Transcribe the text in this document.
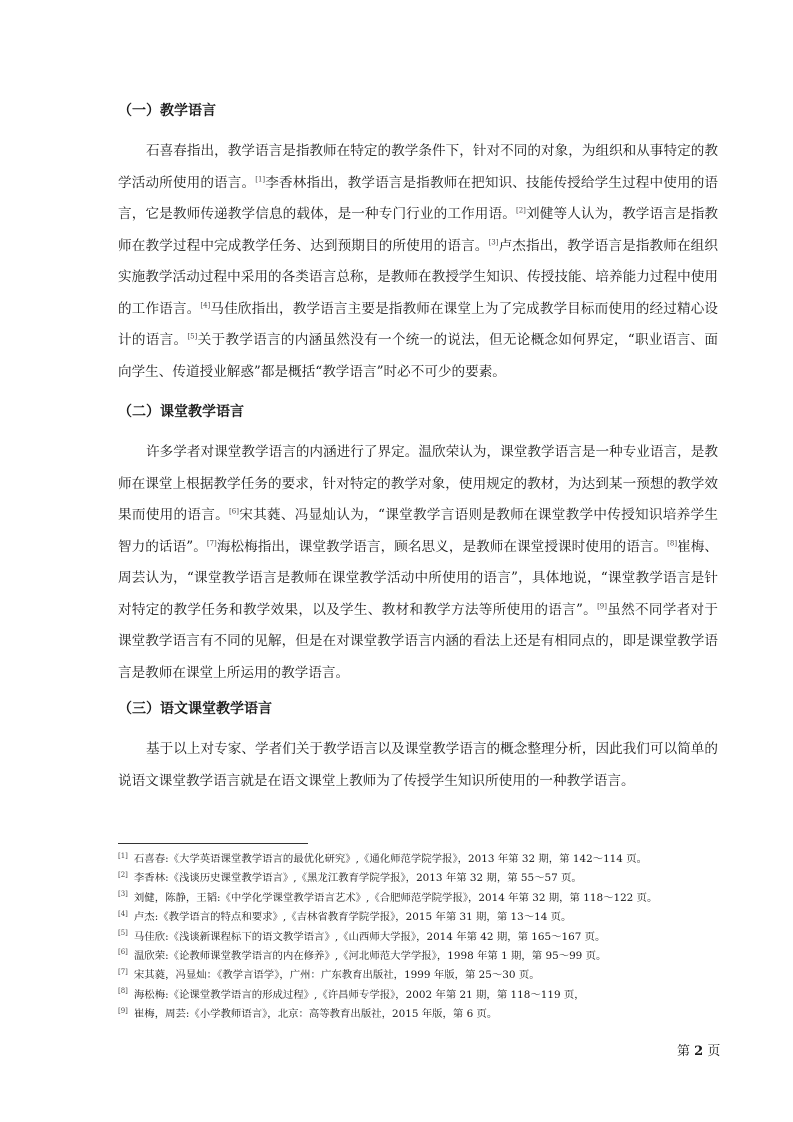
（一）教学语言
石喜春指出，教学语言是指教师在特定的教学条件下，针对不同的对象，为组织和从事特定的教学活动所使用的语言。[1]李香林指出，教学语言是指教师在把知识、技能传授给学生过程中使用的语言，它是教师传递教学信息的载体，是一种专门行业的工作用语。[2]刘健等人认为，教学语言是指教师在教学过程中完成教学任务、达到预期目的所使用的语言。[3]卢杰指出，教学语言是指教师在组织实施教学活动过程中采用的各类语言总称，是教师在教授学生知识、传授技能、培养能力过程中使用的工作语言。[4]马佳欣指出，教学语言主要是指教师在课堂上为了完成教学目标而使用的经过精心设计的语言。[5]关于教学语言的内涵虽然没有一个统一的说法，但无论概念如何界定，“职业语言、面向学生、传道授业解惑”都是概括“教学语言”时必不可少的要素。
（二）课堂教学语言
许多学者对课堂教学语言的内涵进行了界定。温欣荣认为，课堂教学语言是一种专业语言，是教师在课堂上根据教学任务的要求，针对特定的教学对象，使用规定的教材，为达到某一预想的教学效果而使用的语言。[6]宋其蕤、冯显灿认为，“课堂教学言语则是教师在课堂教学中传授知识培养学生智力的话语”。[7]海松梅指出，课堂教学语言，顾名思义，是教师在课堂授课时使用的语言。[8]崔梅、周芸认为，“课堂教学语言是教师在课堂教学活动中所使用的语言”，具体地说，“课堂教学语言是针对特定的教学任务和教学效果，以及学生、教材和教学方法等所使用的语言”。[9]虽然不同学者对于课堂教学语言有不同的见解，但是在对课堂教学语言内涵的看法上还是有相同点的，即是课堂教学语言是教师在课堂上所运用的教学语言。
（三）语文课堂教学语言
基于以上对专家、学者们关于教学语言以及课堂教学语言的概念整理分析，因此我们可以简单的说语文课堂教学语言就是在语文课堂上教师为了传授学生知识所使用的一种教学语言。
[1] 石喜春:《大学英语课堂教学语言的最优化研究》,《通化师范学院学报》，2013 年第 32 期，第 142～114 页。
[2] 李香林:《浅谈历史课堂教学语言》,《黑龙江教育学院学报》，2013 年第 32 期，第 55～57 页。
[3] 刘健，陈静，王韬:《中学化学课堂教学语言艺术》,《合肥师范学院学报》，2014 年第 32 期，第 118～122 页。
[4] 卢杰:《教学语言的特点和要求》,《吉林省教育学院学报》，2015 年第 31 期，第 13～14 页。
[5] 马佳欣:《浅谈新课程标下的语文教学语言》,《山西师大学报》，2014 年第 42 期，第 165～167 页。
[6] 温欣荣:《论教师课堂教学语言的内在修养》,《河北师范大学学报》，1998 年第 1 期，第 95～99 页。
[7] 宋其蕤，冯显灿：《教学言语学》，广州：广东教育出版社，1999 年版，第 25～30 页。
[8] 海松梅:《论课堂教学语言的形成过程》,《许昌师专学报》，2002 年第 21 期，第 118～119 页，
[9] 崔梅，周芸:《小学教师语言》，北京：高等教育出版社，2015 年版，第 6 页。
第 2 页
